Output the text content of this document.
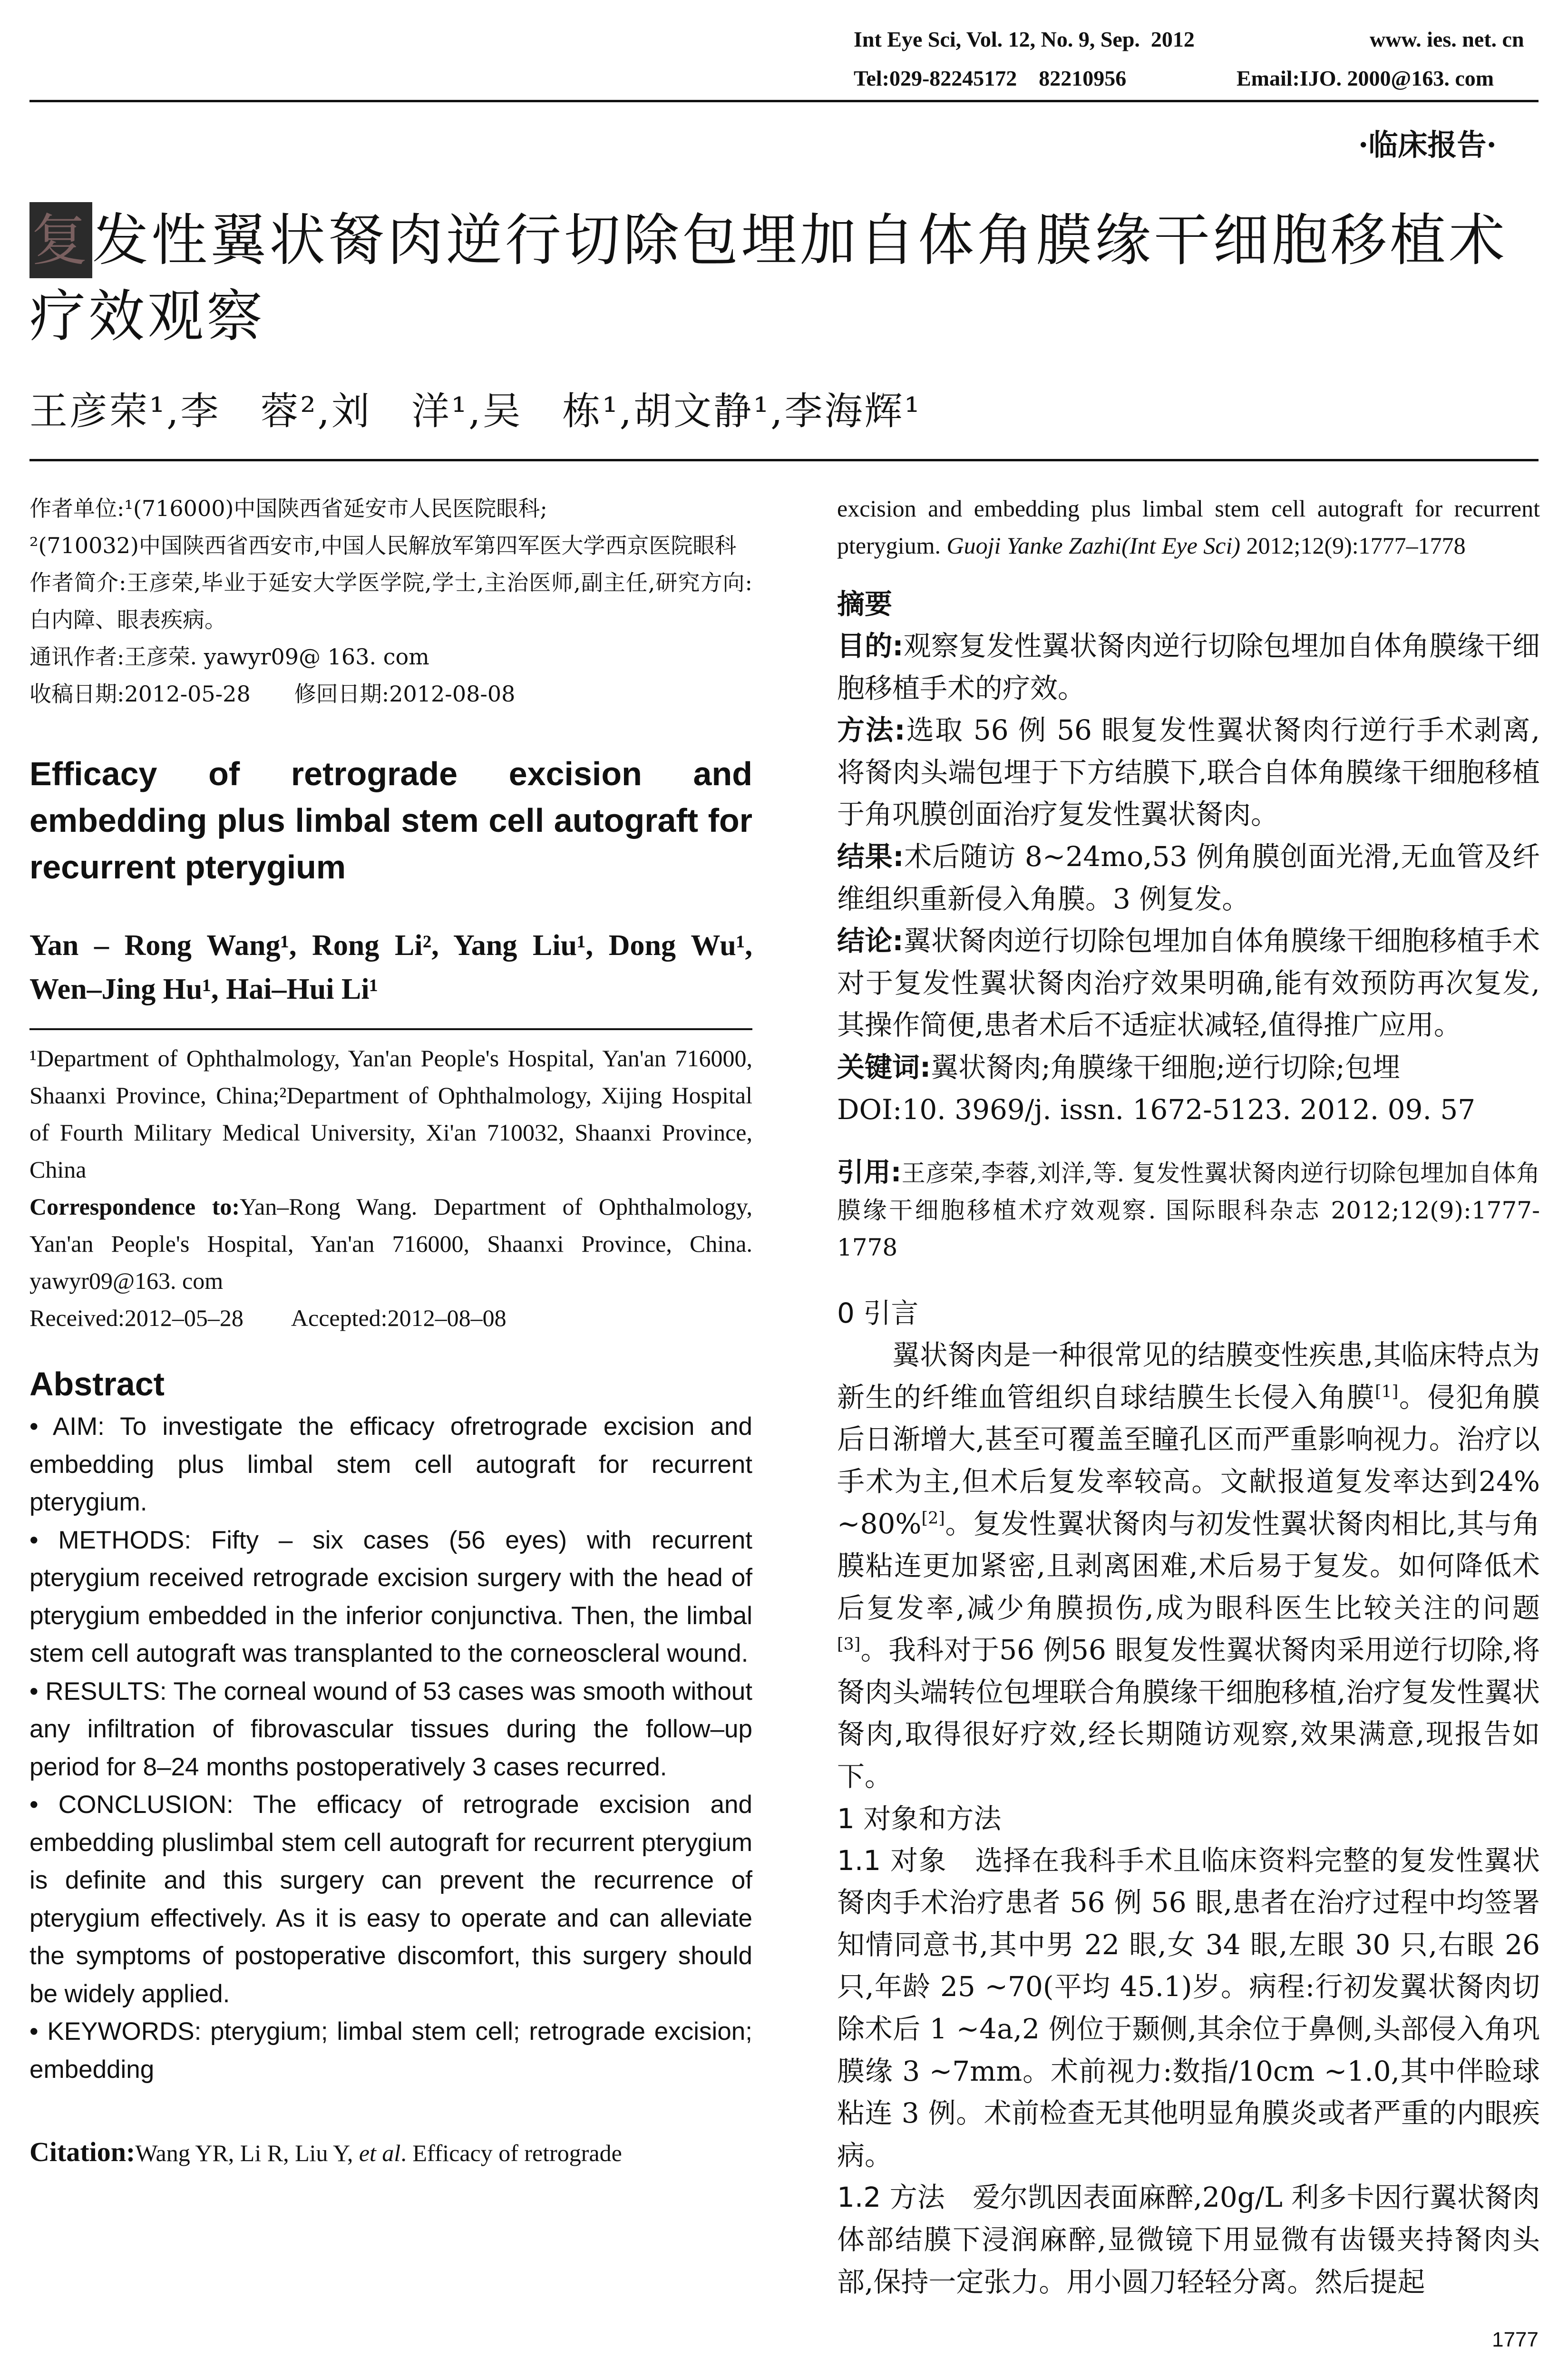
Int Eye Sci, Vol. 12, No. 9, Sep.  2012	www. ies. net. cn
Tel:029-82245172    82210956	Email:IJO. 2000@163. com
·临床报告·
复发性翼状胬肉逆行切除包埋加自体角膜缘干细胞移植术疗效观察
王彦荣¹,李　蓉²,刘　洋¹,吴　栋¹,胡文静¹,李海辉¹

作者单位:¹(716000)中国陕西省延安市人民医院眼科;

²(710032)中国陕西省西安市,中国人民解放军第四军医大学西京医院眼科

作者简介:王彦荣,毕业于延安大学医学院,学士,主治医师,副主任,研究方向:白内障、眼表疾病。

通讯作者:王彦荣. yawyr09@ 163. com

收稿日期:2012-05-28　　修回日期:2012-08-08

Efficacy of retrograde excision and embedding plus limbal stem cell autograft for recurrent pterygium

Yan – Rong Wang¹, Rong Li², Yang Liu¹, Dong Wu¹, Wen–Jing Hu¹, Hai–Hui Li¹

¹Department of Ophthalmology, Yan'an People's Hospital, Yan'an 716000, Shaanxi Province, China;²Department of Ophthalmology, Xijing Hospital of Fourth Military Medical University, Xi'an 710032, Shaanxi Province, China

Correspondence to:Yan–Rong Wang. Department of Ophthalmology, Yan'an People's Hospital, Yan'an 716000, Shaanxi Province, China. yawyr09@163. com

Received:2012–05–28　　Accepted:2012–08–08

Abstract

• AIM: To investigate the efficacy ofretrograde excision and embedding plus limbal stem cell autograft for recurrent pterygium.

• METHODS: Fifty – six cases (56 eyes) with recurrent pterygium received retrograde excision surgery with the head of pterygium embedded in the inferior conjunctiva. Then, the limbal stem cell autograft was transplanted to the corneoscleral wound.

• RESULTS: The corneal wound of 53 cases was smooth without any infiltration of fibrovascular tissues during the follow–up period for 8–24 months postoperatively 3 cases recurred.

• CONCLUSION: The efficacy of retrograde excision and embedding pluslimbal stem cell autograft for recurrent pterygium is definite and this surgery can prevent the recurrence of pterygium effectively. As it is easy to operate and can alleviate the symptoms of postoperative discomfort, this surgery should be widely applied.

• KEYWORDS: pterygium; limbal stem cell; retrograde excision; embedding

Citation:Wang YR, Li R, Liu Y, et al. Efficacy of retrograde

excision and embedding plus limbal stem cell autograft for recurrent pterygium. Guoji Yanke Zazhi(Int Eye Sci) 2012;12(9):1777–1778

摘要

目的:观察复发性翼状胬肉逆行切除包埋加自体角膜缘干细胞移植手术的疗效。

方法:选取 56 例 56 眼复发性翼状胬肉行逆行手术剥离,将胬肉头端包埋于下方结膜下,联合自体角膜缘干细胞移植于角巩膜创面治疗复发性翼状胬肉。

结果:术后随访 8~24mo,53 例角膜创面光滑,无血管及纤维组织重新侵入角膜。3 例复发。

结论:翼状胬肉逆行切除包埋加自体角膜缘干细胞移植手术对于复发性翼状胬肉治疗效果明确,能有效预防再次复发,其操作简便,患者术后不适症状减轻,值得推广应用。

关键词:翼状胬肉;角膜缘干细胞;逆行切除;包埋

DOI:10. 3969/j. issn. 1672-5123. 2012. 09. 57

引用:王彦荣,李蓉,刘洋,等. 复发性翼状胬肉逆行切除包埋加自体角膜缘干细胞移植术疗效观察. 国际眼科杂志 2012;12(9):1777-1778

0 引言

翼状胬肉是一种很常见的结膜变性疾患,其临床特点为新生的纤维血管组织自球结膜生长侵入角膜[1]。侵犯角膜后日渐增大,甚至可覆盖至瞳孔区而严重影响视力。治疗以手术为主,但术后复发率较高。文献报道复发率达到24% ~80%[2]。复发性翼状胬肉与初发性翼状胬肉相比,其与角膜粘连更加紧密,且剥离困难,术后易于复发。如何降低术后复发率,减少角膜损伤,成为眼科医生比较关注的问题[3]。我科对于56 例56 眼复发性翼状胬肉采用逆行切除,将胬肉头端转位包埋联合角膜缘干细胞移植,治疗复发性翼状胬肉,取得很好疗效,经长期随访观察,效果满意,现报告如下。

1 对象和方法

1.1 对象　 选择在我科手术且临床资料完整的复发性翼状胬肉手术治疗患者 56 例 56 眼,患者在治疗过程中均签署知情同意书,其中男 22 眼,女 34 眼,左眼 30 只,右眼 26 只,年龄 25 ~70(平均 45.1)岁。病程:行初发翼状胬肉切除术后 1 ~4a,2 例位于颞侧,其余位于鼻侧,头部侵入角巩膜缘 3 ~7mm。术前视力:数指/10cm ~1.0,其中伴睑球粘连 3 例。术前检查无其他明显角膜炎或者严重的内眼疾病。

1.2 方法　 爱尔凯因表面麻醉,20g/L 利多卡因行翼状胬肉体部结膜下浸润麻醉,显微镜下用显微有齿镊夹持胬肉头部,保持一定张力。用小圆刀轻轻分离。然后提起

1777
